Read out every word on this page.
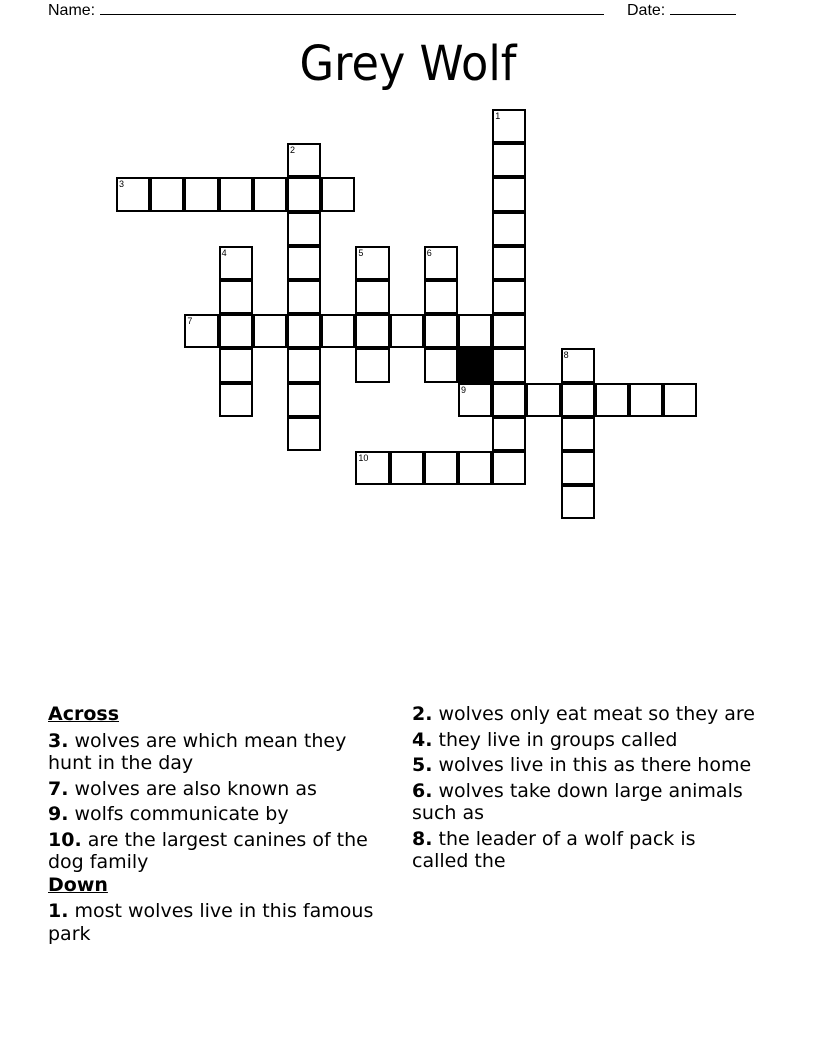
Name:	Date:
Grey Wolf
1
2
3
4	5	6
7
8
9
10
Across
3. wolves are which mean they hunt in the day
7. wolves are also known as
9. wolfs communicate by
10. are the largest canines of the dog family
Down
1. most wolves live in this famous park
2. wolves only eat meat so they are
4. they live in groups called
5. wolves live in this as there home
6. wolves take down large animals such as
8. the leader of a wolf pack is called the
